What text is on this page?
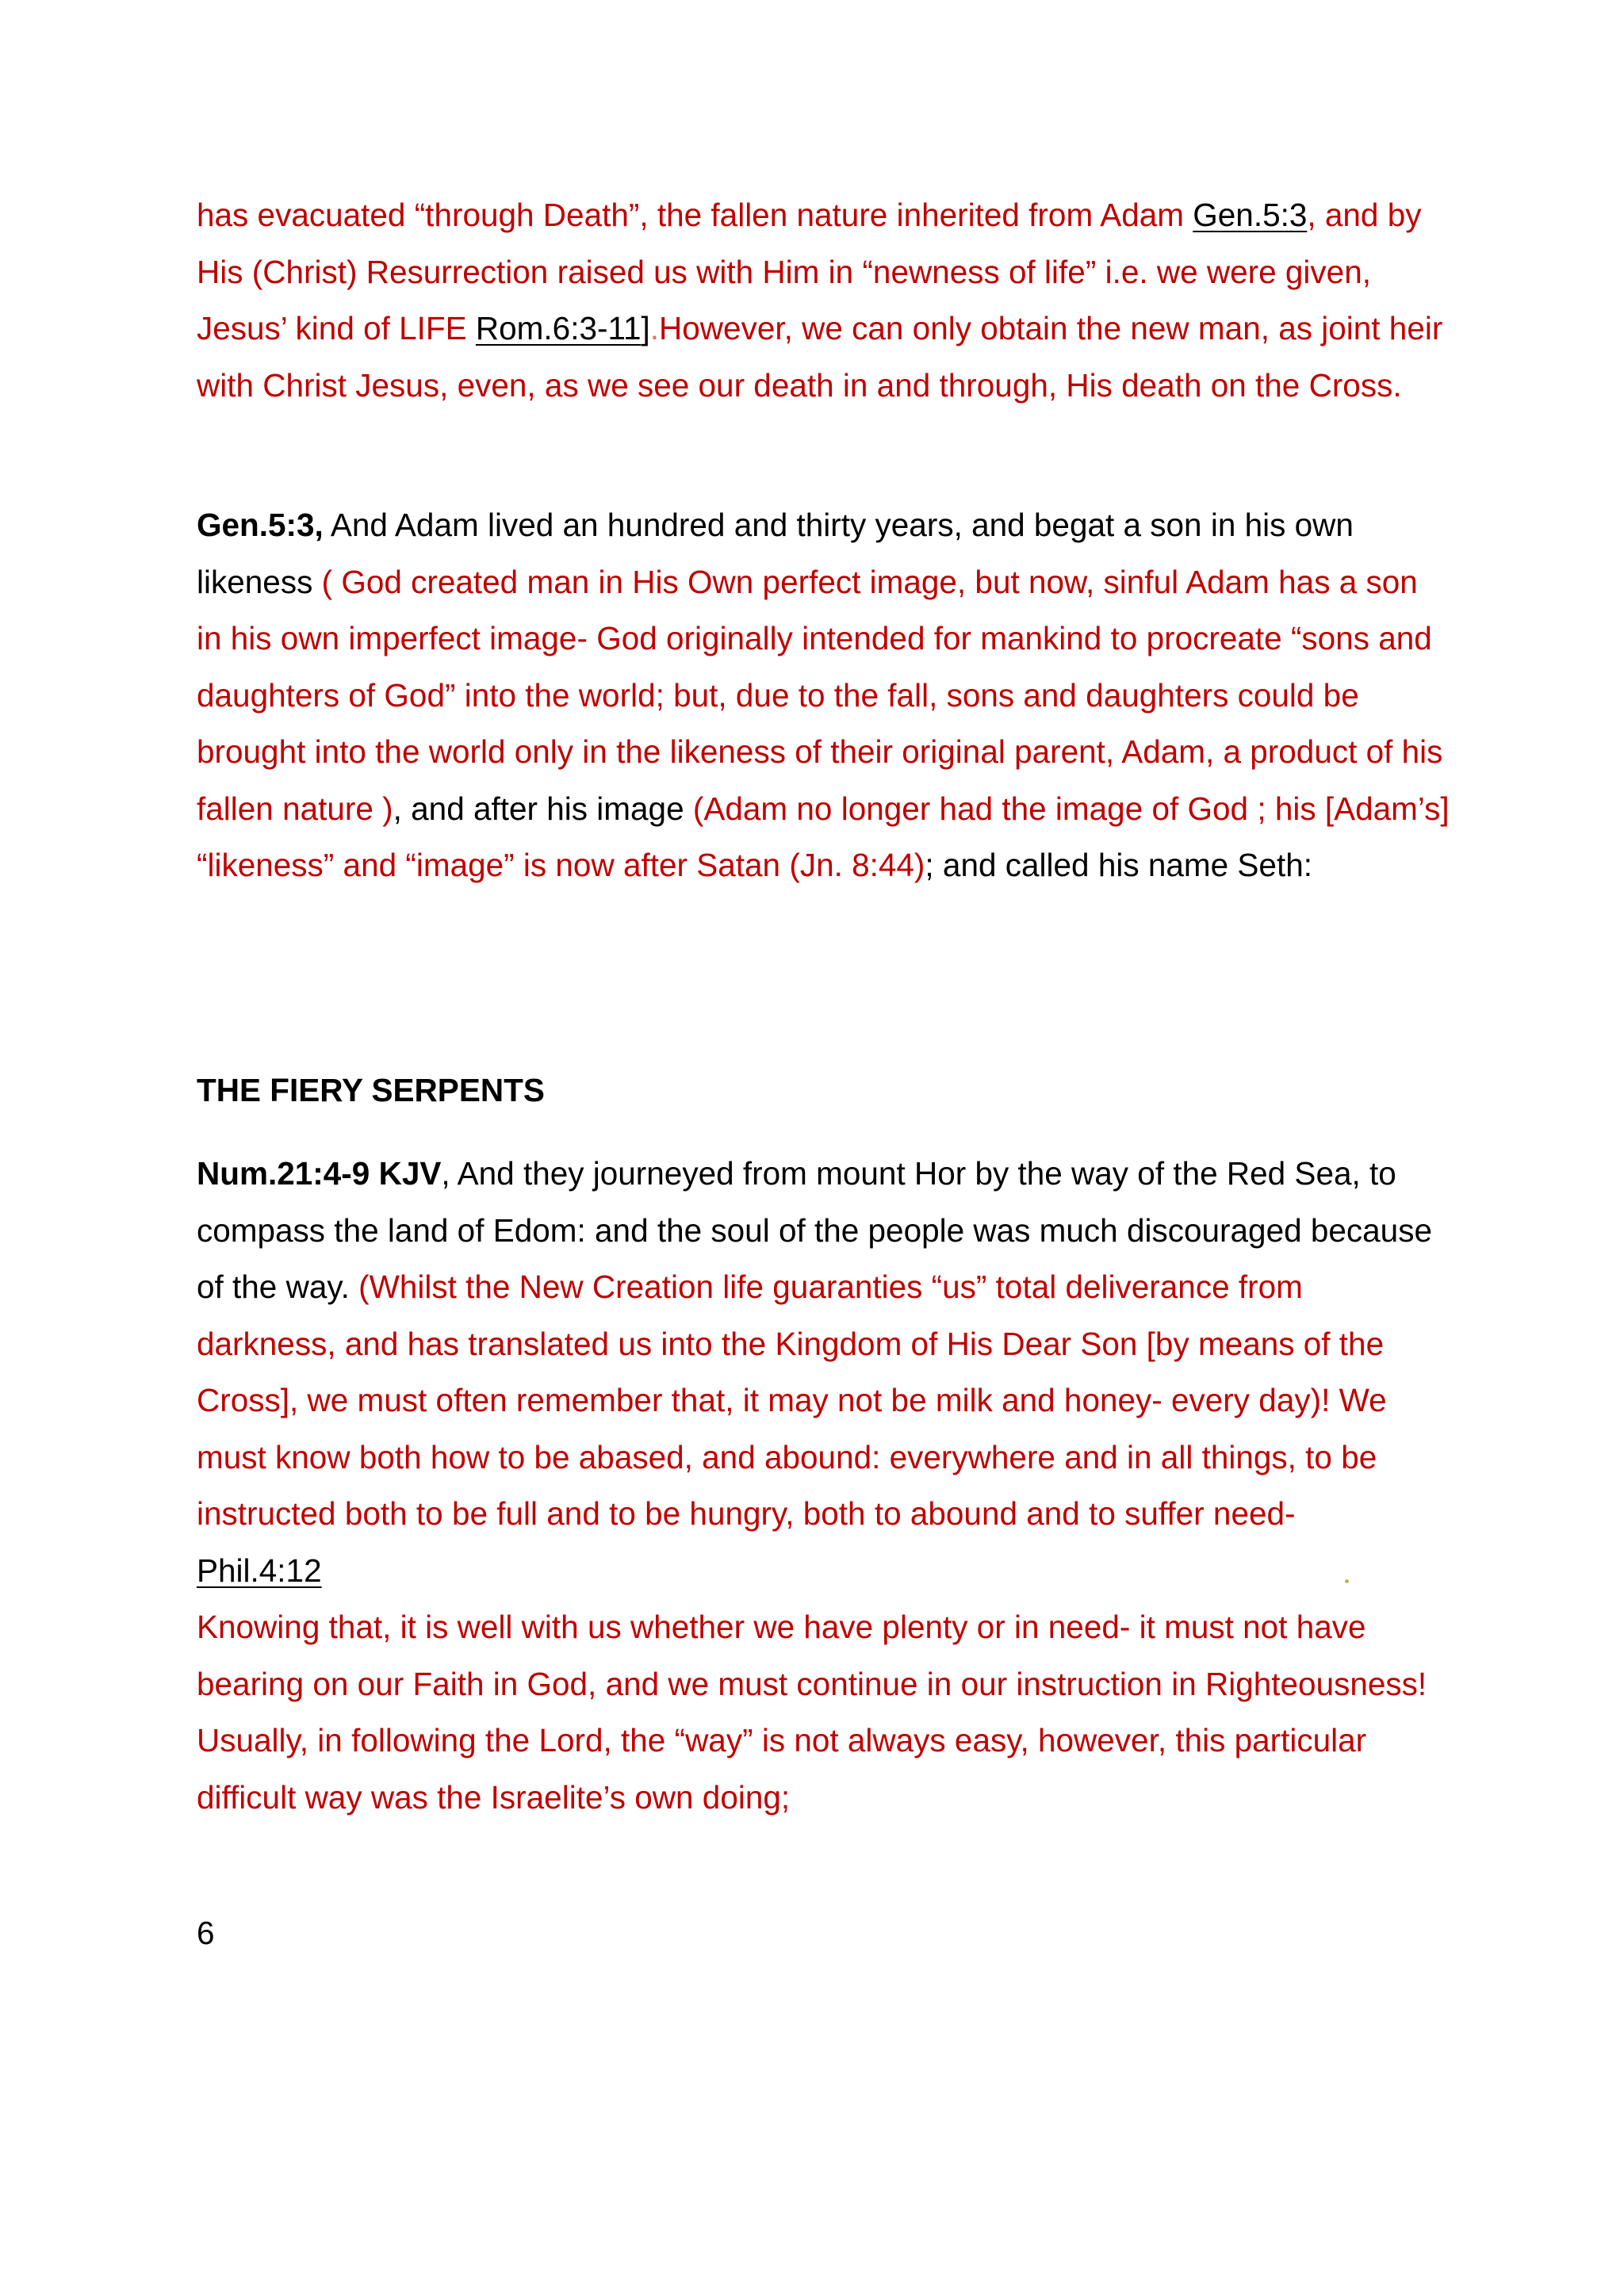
has evacuated “through Death”, the fallen nature inherited from Adam Gen.5:3, and by His (Christ) Resurrection raised us with Him in “newness of life” i.e. we were given, Jesus’ kind of LIFE Rom.6:3-11].However, we can only obtain the new man, as joint heir with Christ Jesus, even, as we see our death in and through, His death on the Cross.

Gen.5:3, And Adam lived an hundred and thirty years, and begat a son in his own likeness ( God created man in His Own perfect image, but now, sinful Adam has a son in his own imperfect image- God originally intended for mankind to procreate “sons and daughters of God” into the world; but, due to the fall, sons and daughters could be brought into the world only in the likeness of their original parent, Adam, a product of his fallen nature ), and after his image (Adam no longer had the image of God ; his [Adam’s] “likeness” and “image” is now after Satan (Jn. 8:44); and called his name Seth:

THE FIERY SERPENTS

Num.21:4-9 KJV, And they journeyed from mount Hor by the way of the Red Sea, to compass the land of Edom: and the soul of the people was much discouraged because of the way. (Whilst the New Creation life guaranties “us” total deliverance from darkness, and has translated us into the Kingdom of His Dear Son [by means of the Cross], we must often remember that, it may not be milk and honey- every day)! We must know both how to be abased, and abound: everywhere and in all things, to be instructed both to be full and to be hungry, both to abound and to suffer need-
Phil.4:12
Knowing that, it is well with us whether we have plenty or in need- it must not have bearing on our Faith in God, and we must continue in our instruction in Righteousness!
Usually, in following the Lord, the “way” is not always easy, however, this particular difficult way was the Israelite’s own doing;

6
